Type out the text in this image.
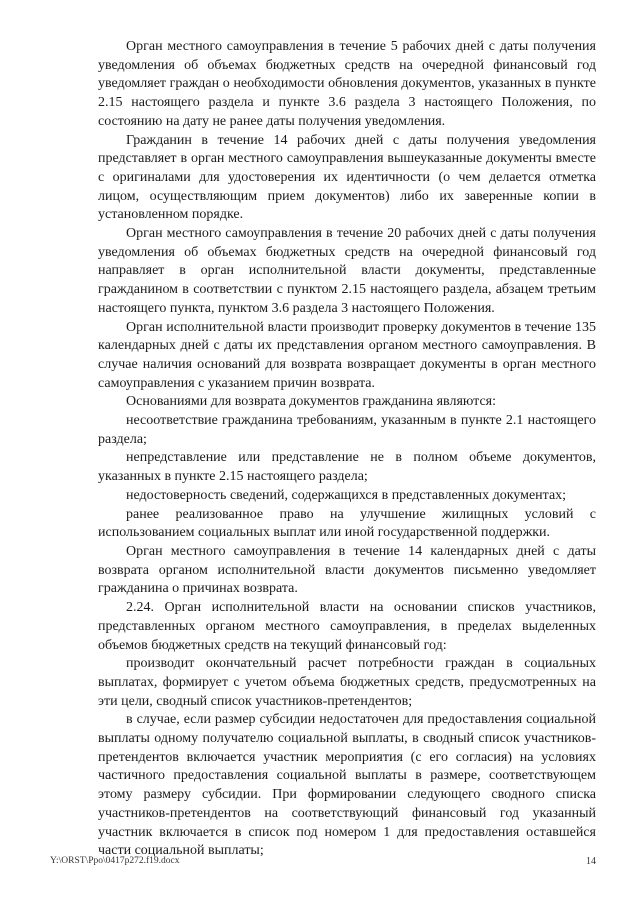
Орган местного самоуправления в течение 5 рабочих дней с даты получения уведомления об объемах бюджетных средств на очередной финансовый год уведомляет граждан о необходимости обновления документов, указанных в пункте 2.15 настоящего раздела и пункте 3.6 раздела 3 настоящего Положения, по состоянию на дату не ранее даты получения уведомления.

Гражданин в течение 14 рабочих дней с даты получения уведомления представляет в орган местного самоуправления вышеуказанные документы вместе с оригиналами для удостоверения их идентичности (о чем делается отметка лицом, осуществляющим прием документов) либо их заверенные копии в установленном порядке.

Орган местного самоуправления в течение 20 рабочих дней с даты получения уведомления об объемах бюджетных средств на очередной финансовый год направляет в орган исполнительной власти документы, представленные гражданином в соответствии с пунктом 2.15 настоящего раздела, абзацем третьим настоящего пункта, пунктом 3.6 раздела 3 настоящего Положения.

Орган исполнительной власти производит проверку документов в течение 135 календарных дней с даты их представления органом местного самоуправления. В случае наличия оснований для возврата возвращает документы в орган местного самоуправления с указанием причин возврата.

Основаниями для возврата документов гражданина являются:

несоответствие гражданина требованиям, указанным в пункте 2.1 настоящего раздела;

непредставление или представление не в полном объеме документов, указанных в пункте 2.15 настоящего раздела;

недостоверность сведений, содержащихся в представленных документах;

ранее реализованное право на улучшение жилищных условий с использованием социальных выплат или иной государственной поддержки.

Орган местного самоуправления в течение 14 календарных дней с даты возврата органом исполнительной власти документов письменно уведомляет гражданина о причинах возврата.

2.24. Орган исполнительной власти на основании списков участников, представленных органом местного самоуправления, в пределах выделенных объемов бюджетных средств на текущий финансовый год:

производит окончательный расчет потребности граждан в социальных выплатах, формирует с учетом объема бюджетных средств, предусмотренных на эти цели, сводный список участников-претендентов;

в случае, если размер субсидии недостаточен для предоставления социальной выплаты одному получателю социальной выплаты, в сводный список участников-претендентов включается участник мероприятия (с его согласия) на условиях частичного предоставления социальной выплаты в размере, соответствующем этому размеру субсидии. При формировании следующего сводного списка участников-претендентов на соответствующий финансовый год указанный участник включается в список под номером 1 для предоставления оставшейся части социальной выплаты;

Y:\ORST\Ppo\0417p272.f19.docx	14
